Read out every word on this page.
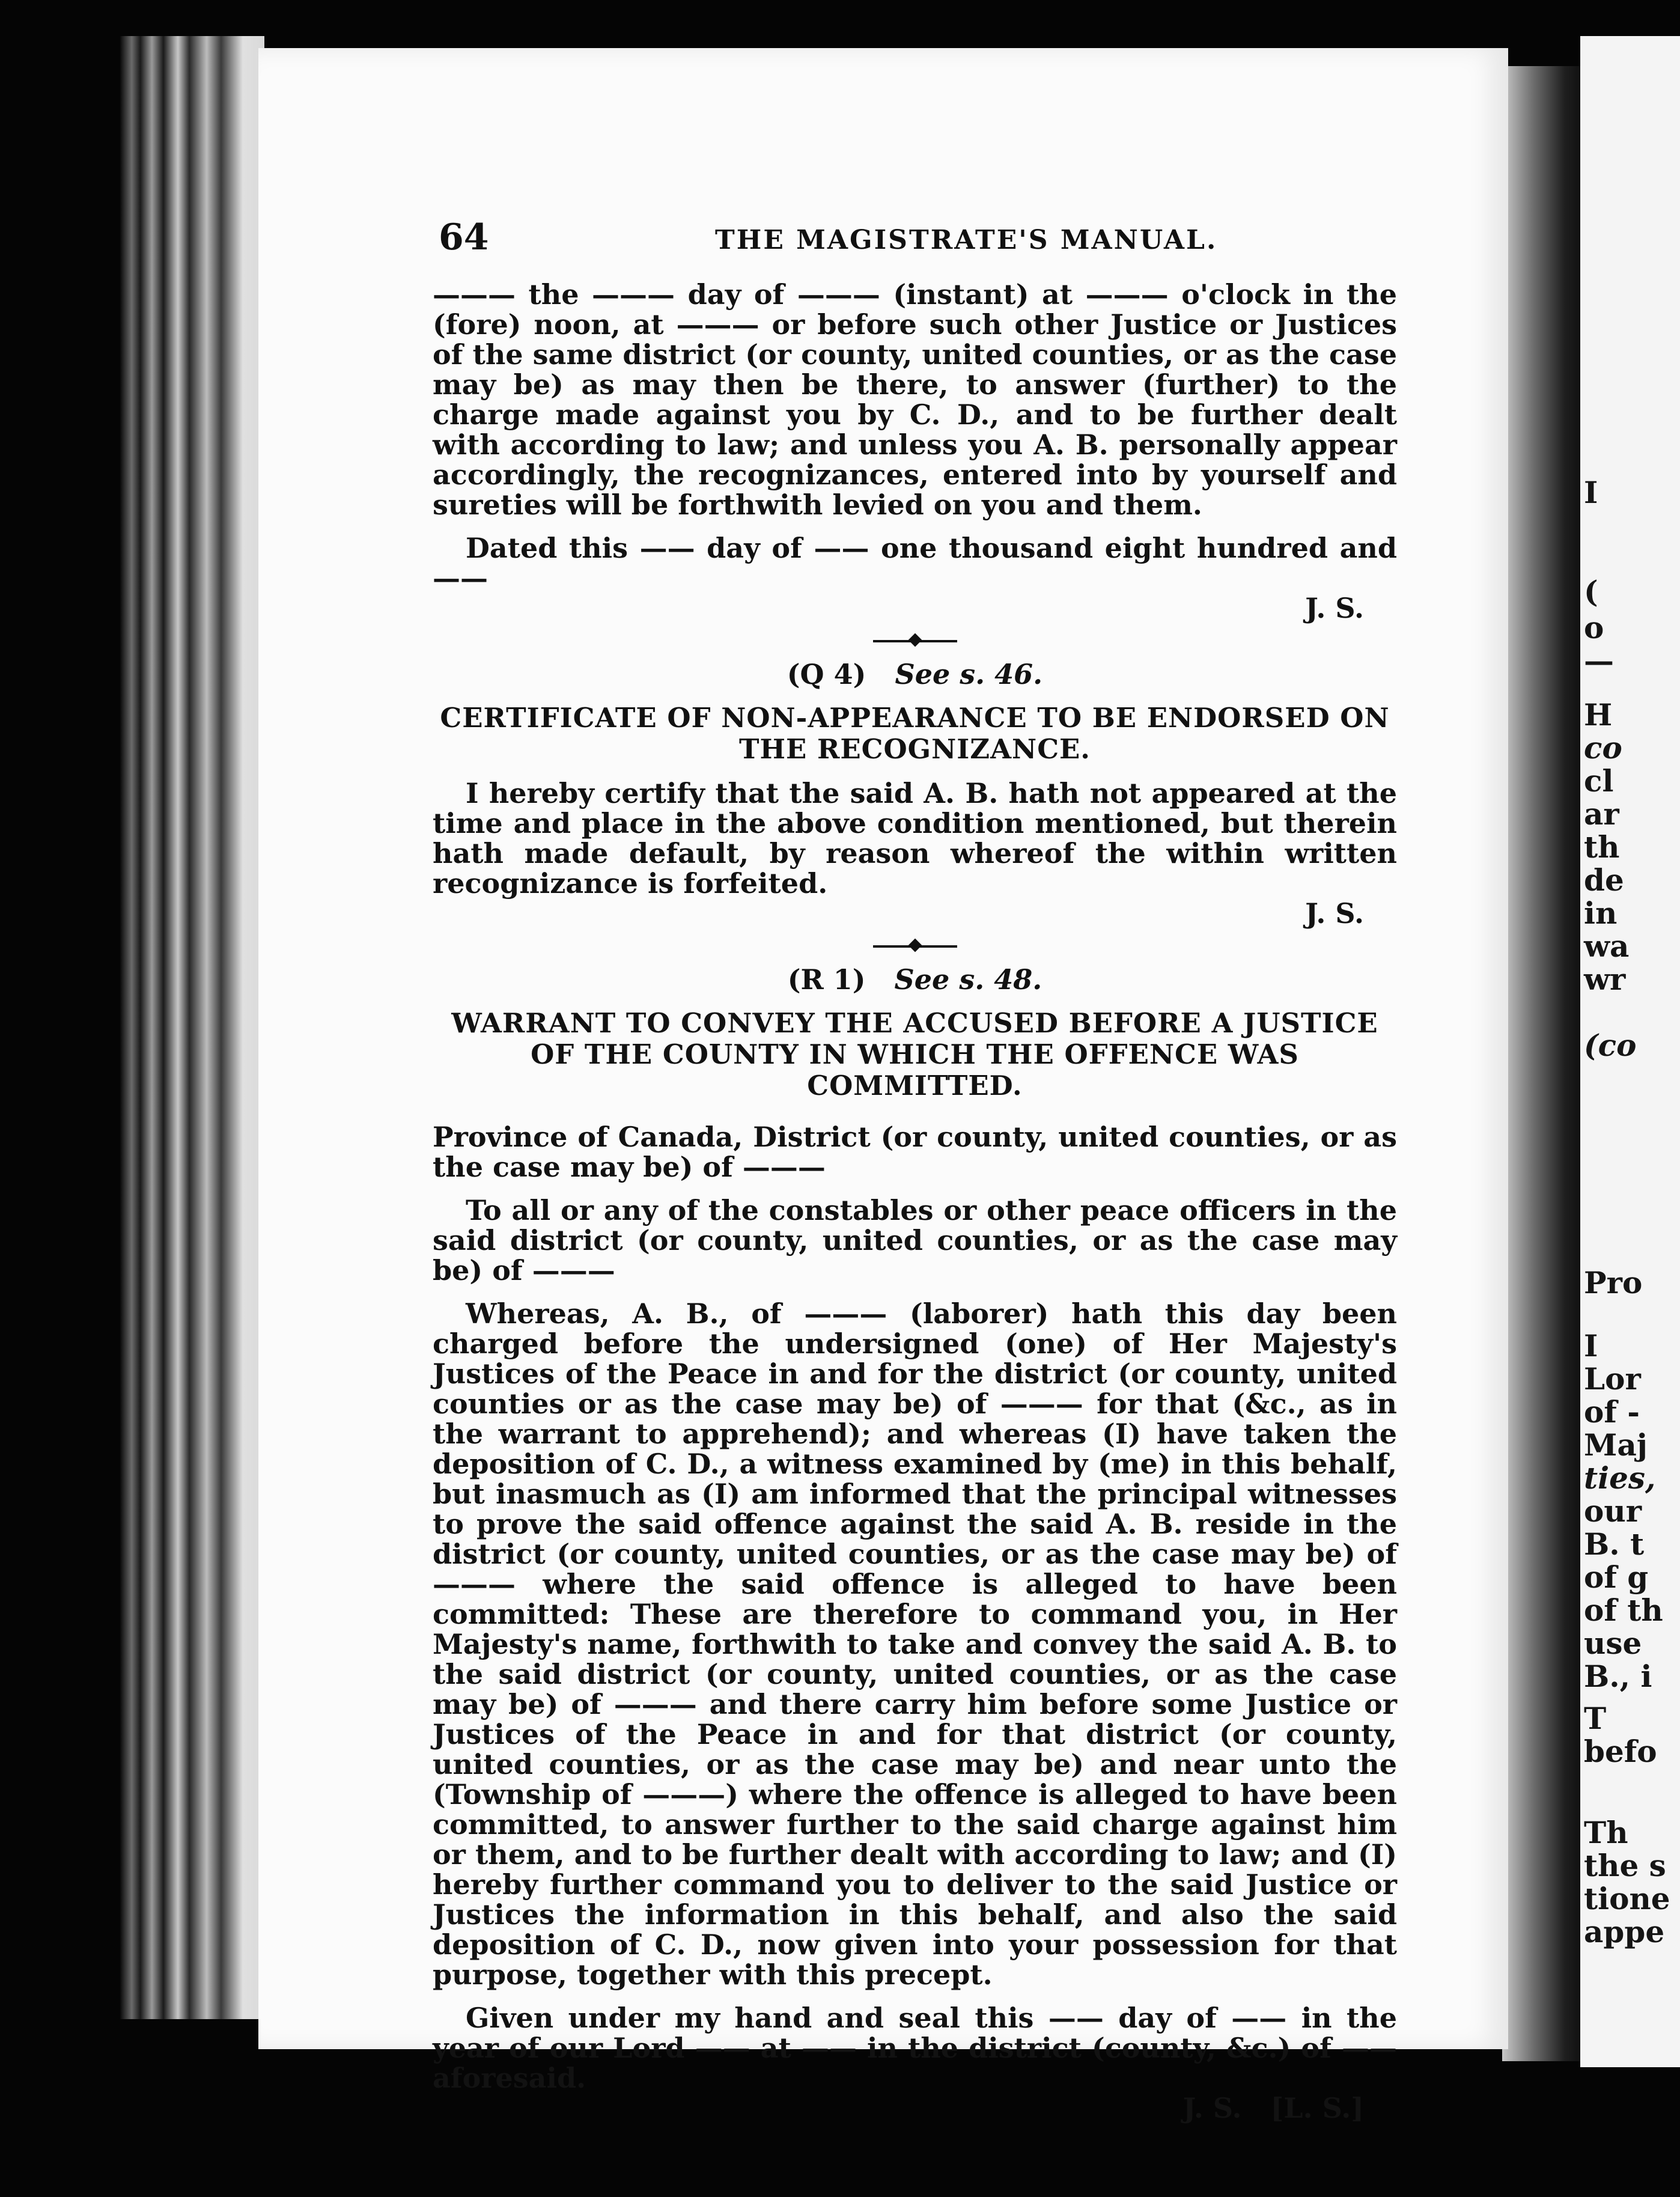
I
(
o
—
H
co
cl
ar
th
de
in
wa
wr
(co
Pro
I
Lor
of -
Maj
ties,
our
B. t
of g
of th
use
B., i
T
befo
Th
the s
tione
appe
64	THE MAGISTRATE'S MANUAL.

——— the ——— day of ——— (instant) at ——— o'clock in the (fore) noon, at ——— or before such other Justice or Justices of the same district (or county, united counties, or as the case may be) as may then be there, to answer (further) to the charge made against you by C. D., and to be further dealt with according to law; and unless you A. B. personally appear accordingly, the recognizances, entered into by yourself and sureties will be forthwith levied on you and them.

Dated this —— day of —— one thousand eight hundred and ——

J. S.

(Q 4) See s. 46.

CERTIFICATE OF NON-APPEARANCE TO BE ENDORSED ON THE RECOGNIZANCE.

I hereby certify that the said A. B. hath not appeared at the time and place in the above condition mentioned, but therein hath made default, by reason whereof the within written recognizance is forfeited.

J. S.

(R 1) See s. 48.

WARRANT TO CONVEY THE ACCUSED BEFORE A JUSTICE OF THE COUNTY IN WHICH THE OFFENCE WAS COMMITTED.

Province of Canada, District (or county, united counties, or as the case may be) of ———

To all or any of the constables or other peace officers in the said district (or county, united counties, or as the case may be) of ———

Whereas, A. B., of ——— (laborer) hath this day been charged before the undersigned (one) of Her Majesty's Justices of the Peace in and for the district (or county, united counties or as the case may be) of ——— for that (&c., as in the warrant to apprehend); and whereas (I) have taken the deposition of C. D., a witness examined by (me) in this behalf, but inasmuch as (I) am informed that the principal witnesses to prove the said offence against the said A. B. reside in the district (or county, united counties, or as the case may be) of ——— where the said offence is alleged to have been committed: These are therefore to command you, in Her Majesty's name, forthwith to take and convey the said A. B. to the said district (or county, united counties, or as the case may be) of ——— and there carry him before some Justice or Justices of the Peace in and for that district (or county, united counties, or as the case may be) and near unto the (Township of ———) where the offence is alleged to have been committed, to answer further to the said charge against him or them, and to be further dealt with according to law; and (I) hereby further command you to deliver to the said Justice or Justices the information in this behalf, and also the said deposition of C. D., now given into your possession for that purpose, together with this precept.

Given under my hand and seal this —— day of —— in the year of our Lord —— at —— in the district (county, &c.) of —— aforesaid.

J. S.   [L. S.]
